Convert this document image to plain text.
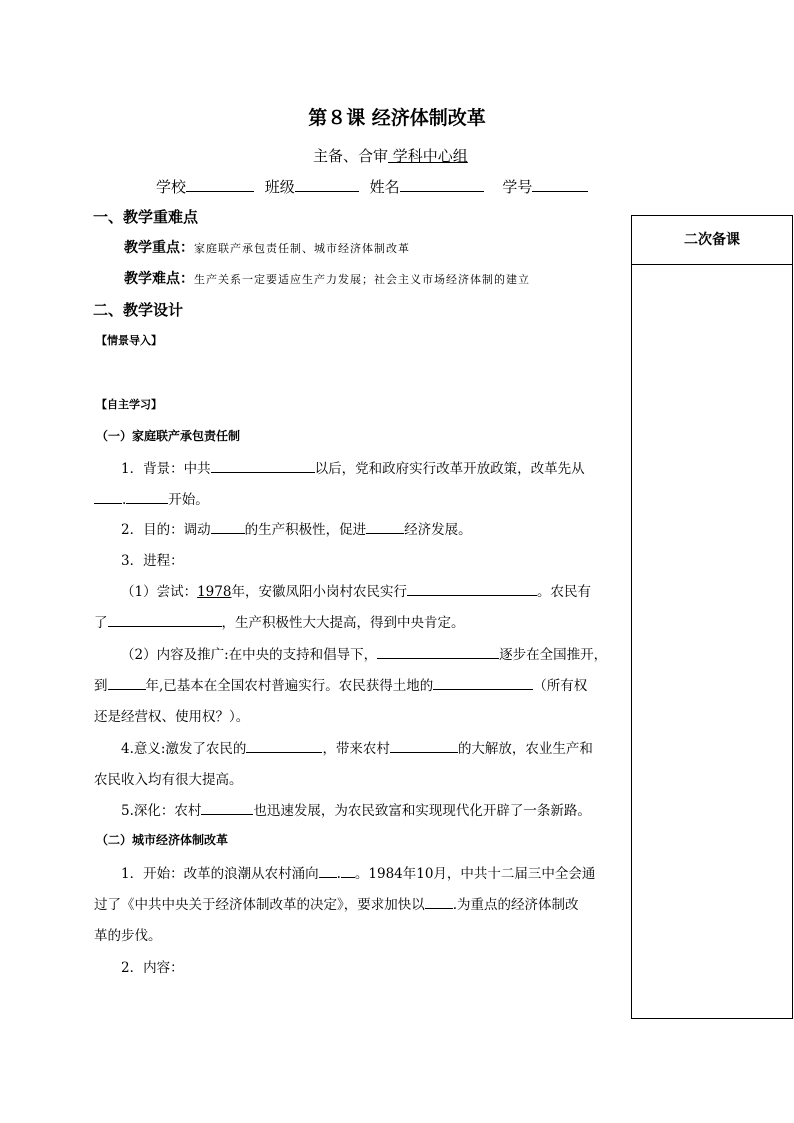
第８课 经济体制改革
主备、合审 学科中心组
学校	班级	姓名	学号
一、教学重难点
教学重点：家庭联产承包责任制、城市经济体制改革
教学难点：生产关系一定要适应生产力发展；社会主义市场经济体制的建立
二、教学设计
【情景导入】
【自主学习】
（一）家庭联产承包责任制
1．背景：中共	以后，党和政府实行改革开放政策，改革先从
.	开始。
2．目的：调动	的生产积极性，促进	经济发展。
3．进程：
（1）尝试：1978年，安徽凤阳小岗村农民实行	。农民有
了	，生产积极性大大提高，得到中央肯定。
（2）内容及推广:在中央的支持和倡导下，	逐步在全国推开，
到	年,已基本在全国农村普遍实行。农民获得土地的	（所有权
还是经营权、使用权？）。
4.意义:激发了农民的	，带来农村	的大解放，农业生产和
农民收入均有很大提高。
5.深化：农村	也迅速发展，为农民致富和实现现代化开辟了一条新路。
（二）城市经济体制改革
1．开始：改革的浪潮从农村涌向 . 。1984年10月，中共十二届三中全会通
过了《中共中央关于经济体制改革的决定》，要求加快以 .为重点的经济体制改
革的步伐。
2．内容：
二次备课
